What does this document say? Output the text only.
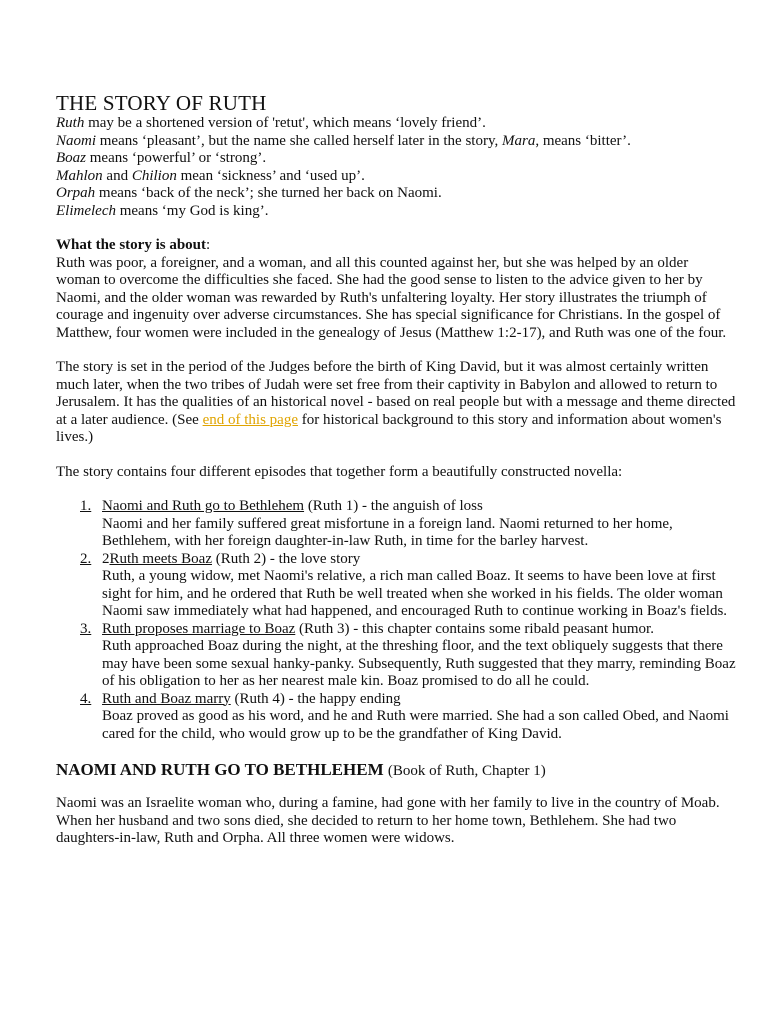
THE STORY OF RUTH

Ruth may be a shortened version of 'retut', which means ‘lovely friend’.

Naomi means ‘pleasant’, but the name she called herself later in the story, Mara, means ‘bitter’.

Boaz means ‘powerful’ or ‘strong’.

Mahlon and Chilion mean ‘sickness’ and ‘used up’.

Orpah means ‘back of the neck’; she turned her back on Naomi.

Elimelech means ‘my God is king’.

What the story is about:

Ruth was poor, a foreigner, and a woman, and all this counted against her, but she was helped by an older woman to overcome the difficulties she faced. She had the good sense to listen to the advice given to her by Naomi, and the older woman was rewarded by Ruth's unfaltering loyalty. Her story illustrates the triumph of courage and ingenuity over adverse circumstances. She has special significance for Christians. In the gospel of Matthew, four women were included in the genealogy of Jesus (Matthew 1:2-17), and Ruth was one of the four.

The story is set in the period of the Judges before the birth of King David, but it was almost certainly written much later, when the two tribes of Judah were set free from their captivity in Babylon and allowed to return to Jerusalem. It has the qualities of an historical novel - based on real people but with a message and theme directed at a later audience. (See end of this page for historical background to this story and information about women's lives.)

The story contains four different episodes that together form a beautifully constructed novella:

1. Naomi and Ruth go to Bethlehem (Ruth 1) - the anguish of loss
Naomi and her family suffered great misfortune in a foreign land. Naomi returned to her home, Bethlehem, with her foreign daughter-in-law Ruth, in time for the barley harvest.
2. 2Ruth meets Boaz (Ruth 2) - the love story
Ruth, a young widow, met Naomi's relative, a rich man called Boaz. It seems to have been love at first sight for him, and he ordered that Ruth be well treated when she worked in his fields. The older woman Naomi saw immediately what had happened, and encouraged Ruth to continue working in Boaz's fields.
3. Ruth proposes marriage to Boaz (Ruth 3) - this chapter contains some ribald peasant humor.
Ruth approached Boaz during the night, at the threshing floor, and the text obliquely suggests that there may have been some sexual hanky-panky. Subsequently, Ruth suggested that they marry, reminding Boaz of his obligation to her as her nearest male kin. Boaz promised to do all he could.
4. Ruth and Boaz marry (Ruth 4) - the happy ending
Boaz proved as good as his word, and he and Ruth were married. She had a son called Obed, and Naomi cared for the child, who would grow up to be the grandfather of King David.
NAOMI AND RUTH GO TO BETHLEHEM (Book of Ruth, Chapter 1)

Naomi was an Israelite woman who, during a famine, had gone with her family to live in the country of Moab. When her husband and two sons died, she decided to return to her home town, Bethlehem. She had two daughters-in-law, Ruth and Orpha. All three women were widows.
